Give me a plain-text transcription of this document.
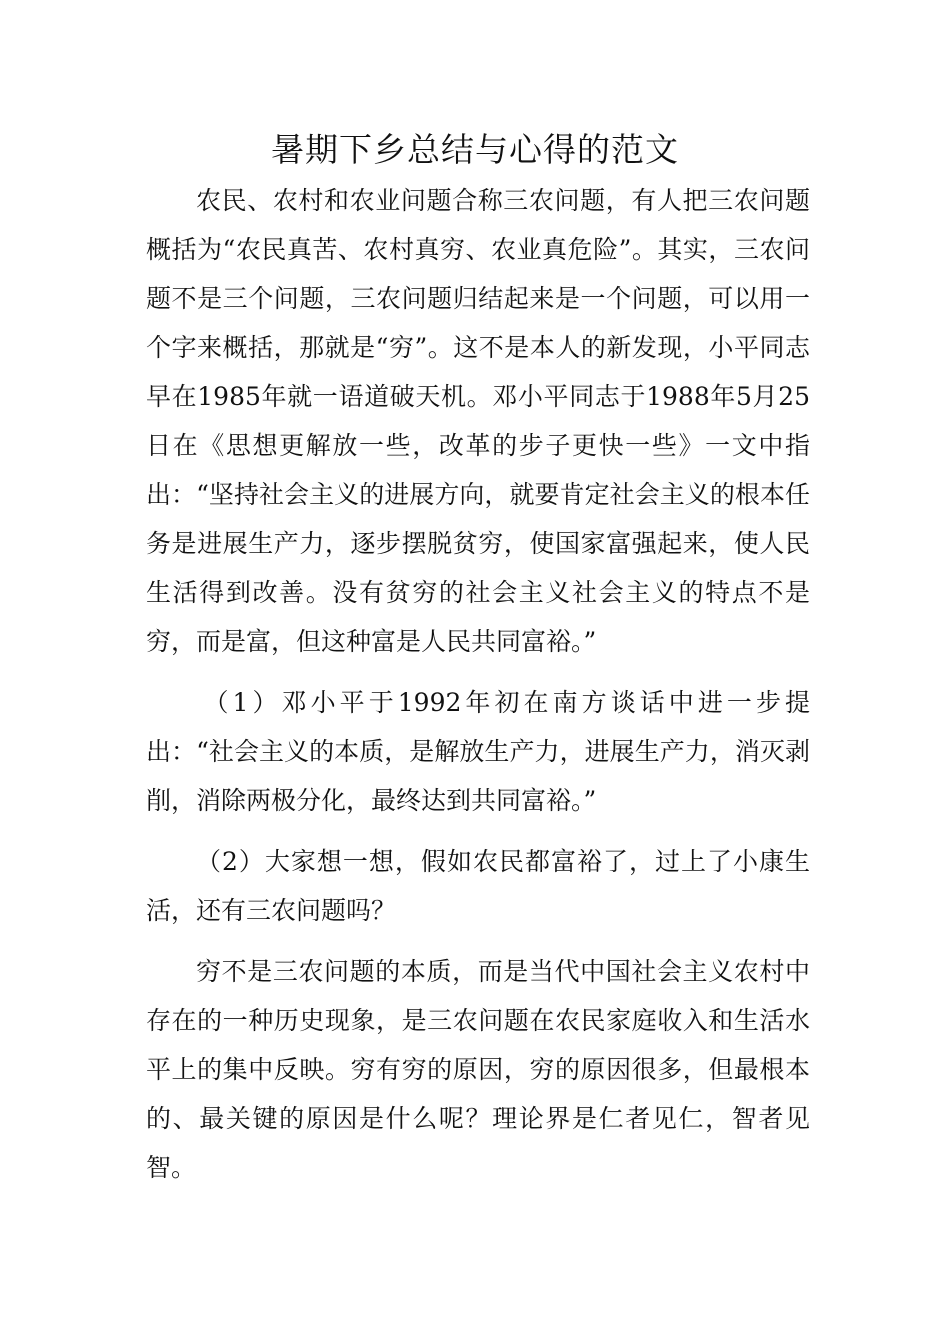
暑期下乡总结与心得的范文

农民、农村和农业问题合称三农问题，有人把三农问题概括为“农民真苦、农村真穷、农业真危险”。其实，三农问题不是三个问题，三农问题归结起来是一个问题，可以用一个字来概括，那就是“穷”。这不是本人的新发现，小平同志早在1985年就一语道破天机。邓小平同志于1988年5月25日在《思想更解放一些，改革的步子更快一些》一文中指出：“坚持社会主义的进展方向，就要肯定社会主义的根本任务是进展生产力，逐步摆脱贫穷，使国家富强起来，使人民生活得到改善。没有贫穷的社会主义社会主义的特点不是穷，而是富，但这种富是人民共同富裕。”

（1）邓小平于1992年初在南方谈话中进一步提出：“社会主义的本质，是解放生产力，进展生产力，消灭剥削，消除两极分化，最终达到共同富裕。”

（2）大家想一想，假如农民都富裕了，过上了小康生活，还有三农问题吗？

穷不是三农问题的本质，而是当代中国社会主义农村中存在的一种历史现象，是三农问题在农民家庭收入和生活水平上的集中反映。穷有穷的原因，穷的原因很多，但最根本的、最关键的原因是什么呢？理论界是仁者见仁，智者见智。
